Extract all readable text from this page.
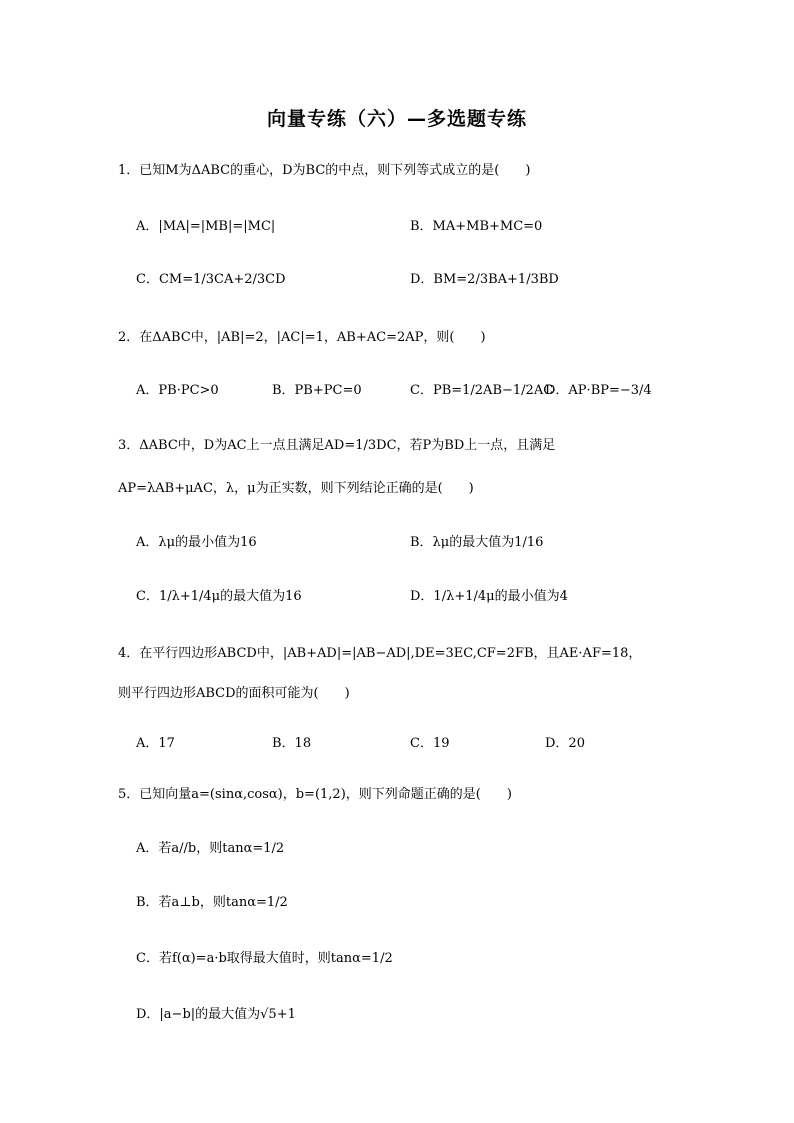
向量专练（六）—多选题专练
1．已知M为ΔABC的重心，D为BC的中点，则下列等式成立的是(　　)
A．|MA|=|MB|=|MC|	B．MA+MB+MC=0
C．CM=1/3CA+2/3CD	D．BM=2/3BA+1/3BD
2．在ΔABC中，|AB|=2，|AC|=1，AB+AC=2AP，则(　　)
A．PB·PC>0	B．PB+PC=0	C．PB=1/2AB−1/2AC
D．AP·BP=−3/4
3．ΔABC中，D为AC上一点且满足AD=1/3DC，若P为BD上一点，且满足
AP=λAB+μAC，λ，μ为正实数，则下列结论正确的是(　　)
A．λμ的最小值为16	B．λμ的最大值为1/16
C．1/λ+1/4μ的最大值为16	D．1/λ+1/4μ的最小值为4
4．在平行四边形ABCD中，|AB+AD|=|AB−AD|,DE=3EC,CF=2FB，且AE·AF=18，
则平行四边形ABCD的面积可能为(　　)
A．17	B．18	C．19	D．20
5．已知向量a=(sinα,cosα)，b=(1,2)，则下列命题正确的是(　　)
A．若a//b，则tanα=1/2
B．若a⊥b，则tanα=1/2
C．若f(α)=a·b取得最大值时，则tanα=1/2
D．|a−b|的最大值为√5+1
